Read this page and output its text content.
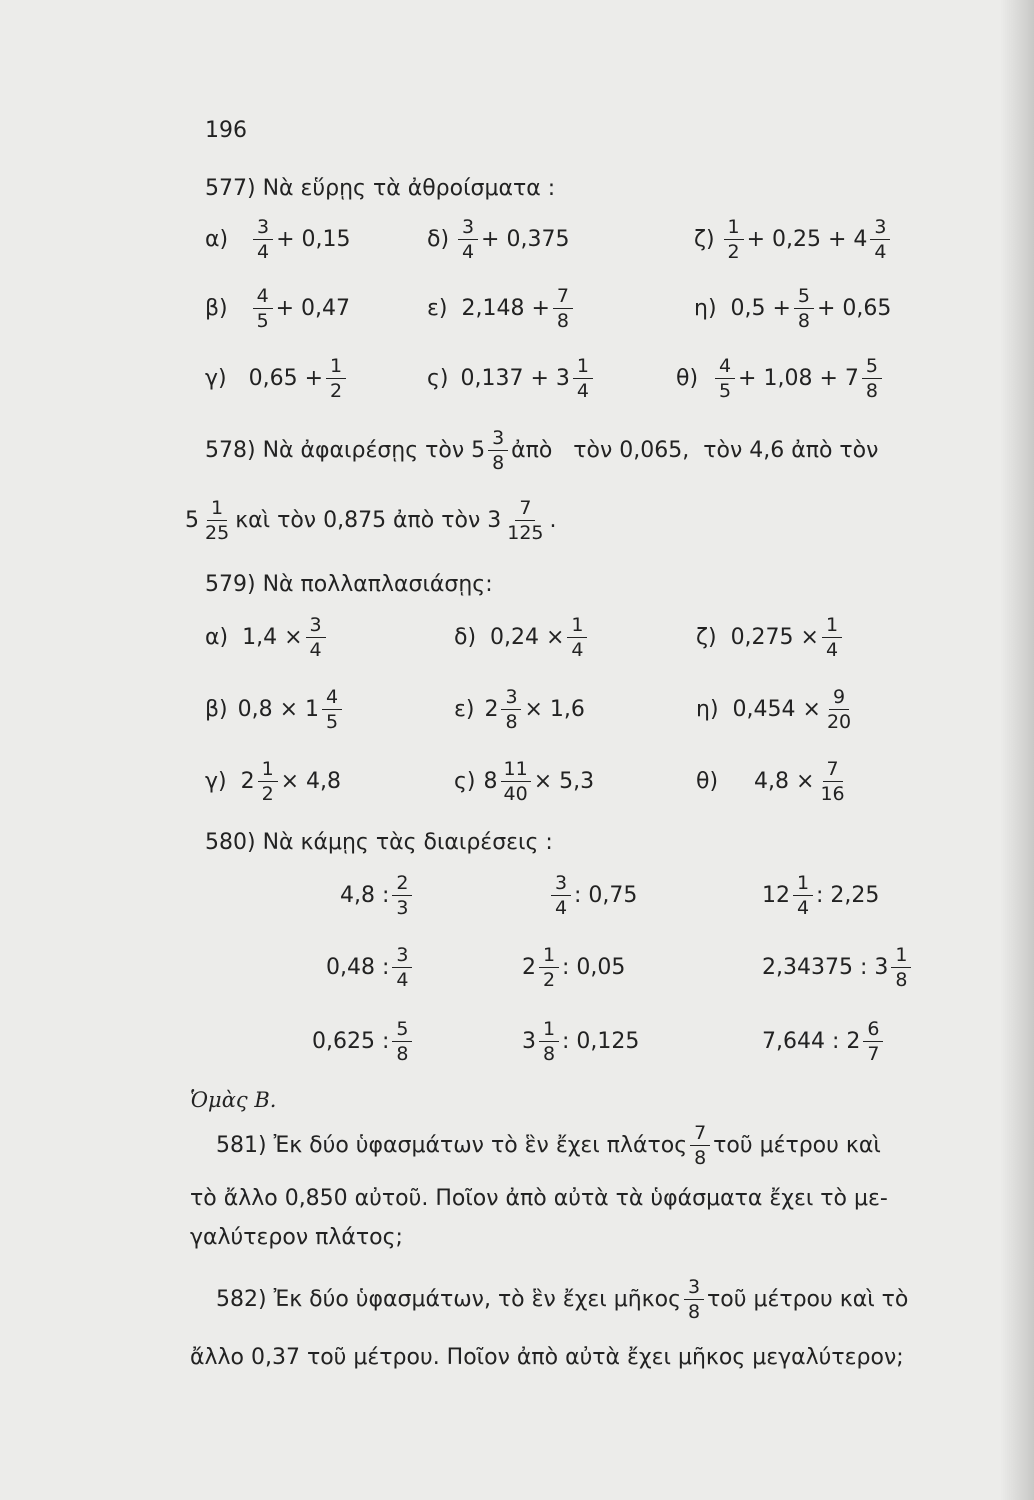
196
577) Νὰ εὕρῃς τὰ ἀθροίσματα :
$\alpha) \frac{3}{4} + 0,15$	$\delta) \frac{3}{4} + 0,375$	$\zeta) \frac{1}{2} + 0,25 + 4 \frac{3}{4}$
$\beta) \frac{4}{5} + 0,47$	ε) $2,148 + \frac{7}{8}$	η) $0,5 + \frac{5}{8} + 0,65$
γ) $0,65 + \frac{1}{2}$	ς) $0,137 + 3 \frac{1}{4}$	$\theta) \frac{4}{5} + 1,08 + 7 \frac{5}{8}$
578) Νὰ ἀφαιρέσῃς τὸν $5 \frac{3}{8}$ ἀπὸ   τὸν 0,065,  τὸν 4,6 ἀπὸ τὸν
$5 \frac{1}{25}$ καὶ τὸν 0,875 ἀπὸ τὸν $3 \frac{7}{125}$ .
579) Νὰ πολλαπλασιάσῃς:
α) $1,4 \times \frac{3}{4}$	δ) $0,24 \times \frac{1}{4}$	ζ) $0,275 \times \frac{1}{4}$
β) $0,8 \times 1 \frac{4}{5}$	ε) $2 \frac{3}{8} \times 1,6$	η) $0,454 \times \frac{9}{20}$
γ) $2 \frac{1}{2} \times 4,8$	ς) $8 \frac{11}{40} \times 5,3$	θ) $4,8 \times \frac{7}{16}$
580) Νὰ κάμῃς τὰς διαιρέσεις :
4,8 : $\frac{2}{3}$	$\frac{3}{4}$ : 0,75	$12 \frac{1}{4}$ : 2,25
0,48 : $\frac{3}{4}$	$2 \frac{1}{2}$ : 0,05	2,34375 : $3 \frac{1}{8}$
0,625 : $\frac{5}{8}$	$3 \frac{1}{8}$ : 0,125	7,644 : $2 \frac{6}{7}$
Ὁμὰς Β.
581) Ἐκ δύο ὑφασμάτων τὸ ἓν ἔχει πλάτος $\frac{7}{8}$ τοῦ μέτρου καὶ
τὸ ἄλλο 0,850 αὐτοῦ. Ποῖον ἀπὸ αὐτὰ τὰ ὑφάσματα ἔχει τὸ με-
γαλύτερον πλάτος;
582) Ἐκ δύο ὑφασμάτων, τὸ ἓν ἔχει μῆκος $\frac{3}{8}$ τοῦ μέτρου καὶ τὸ
ἄλλο 0,37 τοῦ μέτρου. Ποῖον ἀπὸ αὐτὰ ἔχει μῆκος μεγαλύτερον;
